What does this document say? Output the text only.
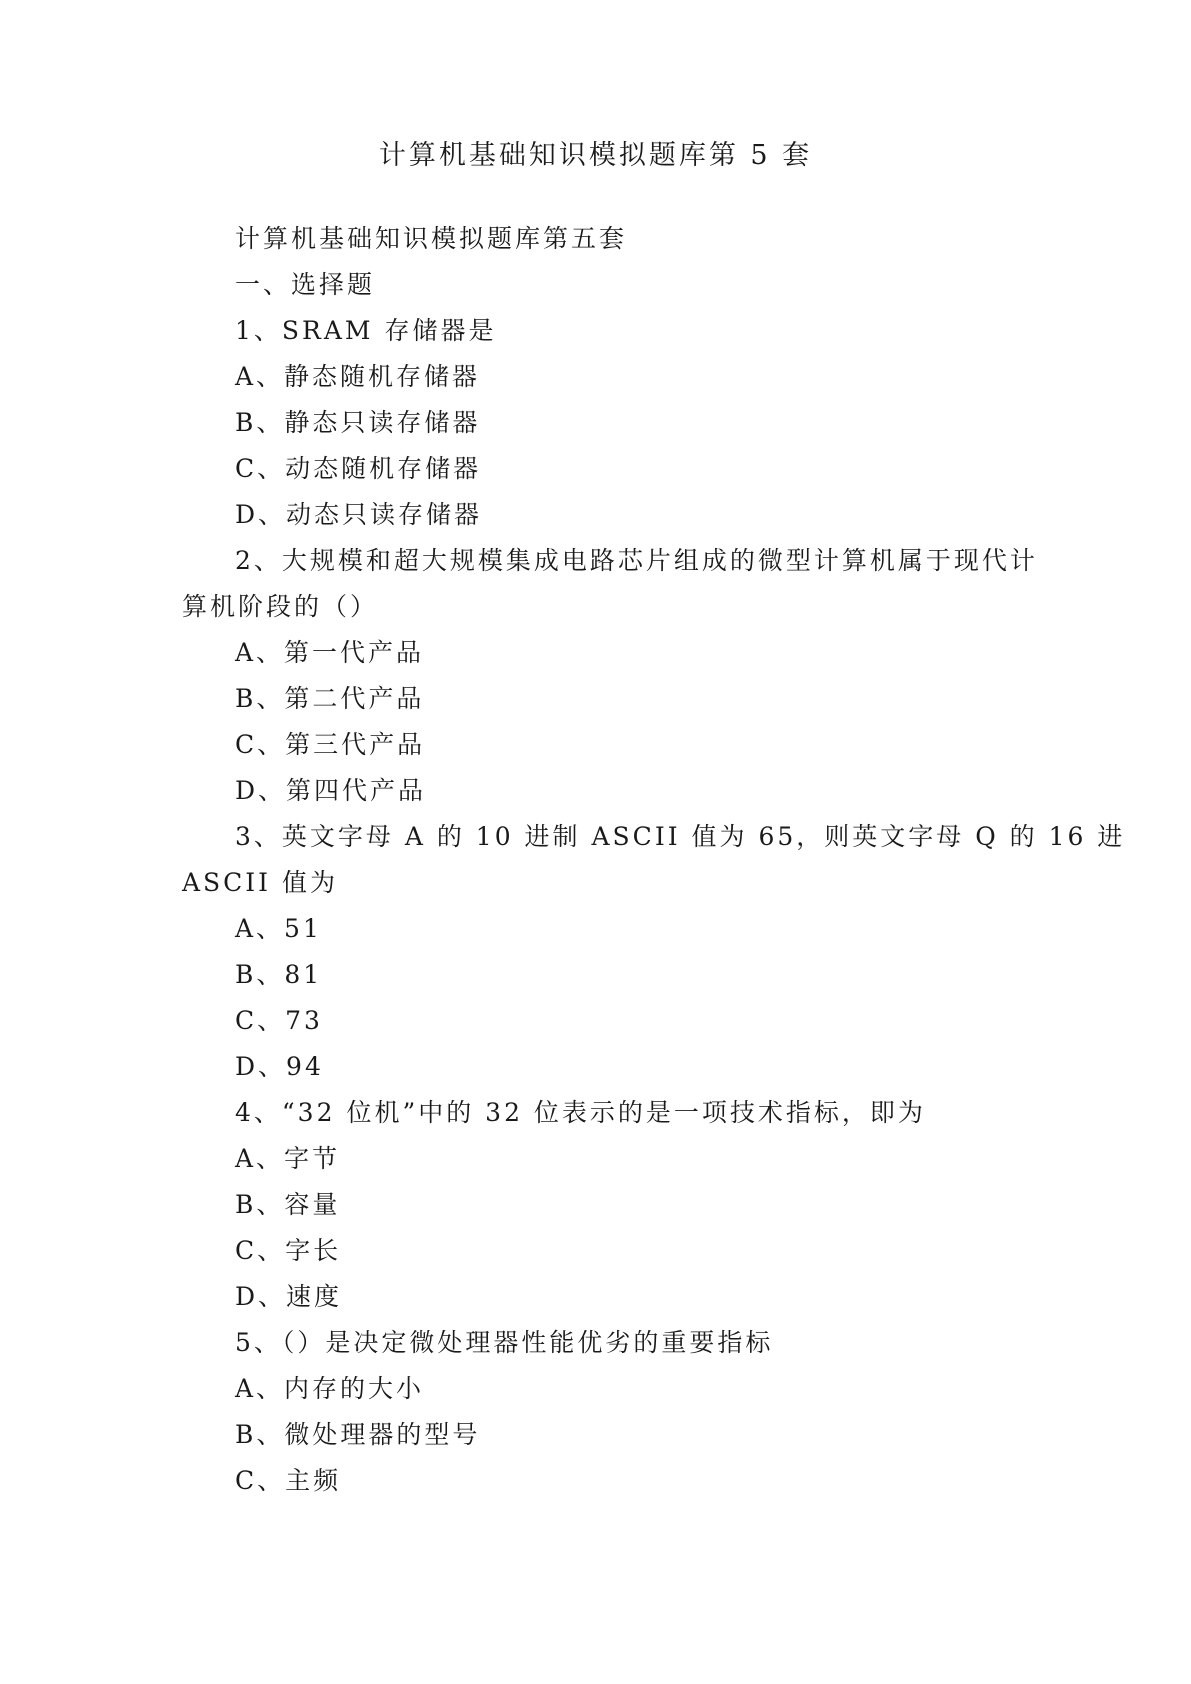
计算机基础知识模拟题库第 5 套

计算机基础知识模拟题库第五套

一、选择题

1、SRAM 存储器是

A、静态随机存储器

B、静态只读存储器

C、动态随机存储器

D、动态只读存储器

2、大规模和超大规模集成电路芯片组成的微型计算机属于现代计

算机阶段的（）

A、第一代产品

B、第二代产品

C、第三代产品

D、第四代产品

3、英文字母 A 的 10 进制 ASCII 值为 65，则英文字母 Q 的 16 进

ASCII 值为

A、51

B、81

C、73

D、94

4、“32 位机”中的 32 位表示的是一项技术指标，即为

A、字节

B、容量

C、字长

D、速度

5、（）是决定微处理器性能优劣的重要指标

A、内存的大小

B、微处理器的型号

C、主频
